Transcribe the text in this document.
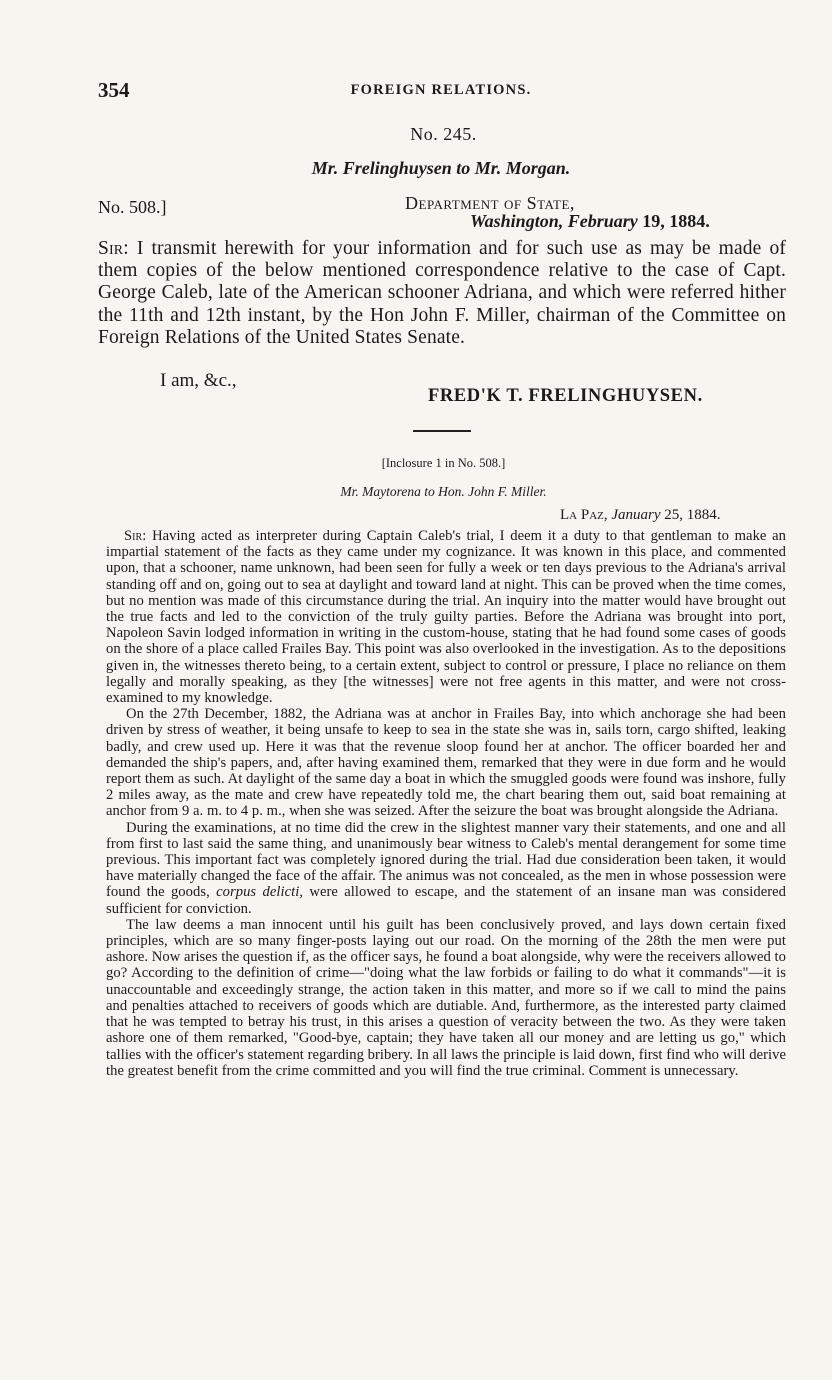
354	FOREIGN RELATIONS.
No. 245.
Mr. Frelinghuysen to Mr. Morgan.
No. 508.]	Department of State,
Washington, February 19, 1884.
Sir: I transmit herewith for your information and for such use as may be made of them copies of the below mentioned correspondence relative to the case of Capt. George Caleb, late of the American schooner Adriana, and which were referred hither the 11th and 12th instant, by the Hon John F. Miller, chairman of the Committee on Foreign Relations of the United States Senate.
I am, &c.,
FRED'K T. FRELINGHUYSEN.
[Inclosure 1 in No. 508.]
Mr. Maytorena to Hon. John F. Miller.
La Paz, January 25, 1884.

Sir: Having acted as interpreter during Captain Caleb's trial, I deem it a duty to that gentleman to make an impartial statement of the facts as they came under my cognizance. It was known in this place, and commented upon, that a schooner, name unknown, had been seen for fully a week or ten days previous to the Adriana's arrival standing off and on, going out to sea at daylight and toward land at night. This can be proved when the time comes, but no mention was made of this circumstance during the trial. An inquiry into the matter would have brought out the true facts and led to the conviction of the truly guilty parties. Before the Adriana was brought into port, Napoleon Savin lodged information in writing in the custom-house, stating that he had found some cases of goods on the shore of a place called Frailes Bay. This point was also overlooked in the investigation. As to the depositions given in, the witnesses thereto being, to a certain extent, subject to control or pressure, I place no reliance on them legally and morally speaking, as they [the witnesses] were not free agents in this matter, and were not cross-examined to my knowledge.

On the 27th December, 1882, the Adriana was at anchor in Frailes Bay, into which anchorage she had been driven by stress of weather, it being unsafe to keep to sea in the state she was in, sails torn, cargo shifted, leaking badly, and crew used up. Here it was that the revenue sloop found her at anchor. The officer boarded her and demanded the ship's papers, and, after having examined them, remarked that they were in due form and he would report them as such. At daylight of the same day a boat in which the smuggled goods were found was inshore, fully 2 miles away, as the mate and crew have repeatedly told me, the chart bearing them out, said boat remaining at anchor from 9 a. m. to 4 p. m., when she was seized. After the seizure the boat was brought alongside the Adriana.

During the examinations, at no time did the crew in the slightest manner vary their statements, and one and all from first to last said the same thing, and unanimously bear witness to Caleb's mental derangement for some time previous. This important fact was completely ignored during the trial. Had due consideration been taken, it would have materially changed the face of the affair. The animus was not concealed, as the men in whose possession were found the goods, corpus delicti, were allowed to escape, and the statement of an insane man was considered sufficient for conviction.

The law deems a man innocent until his guilt has been conclusively proved, and lays down certain fixed principles, which are so many finger-posts laying out our road. On the morning of the 28th the men were put ashore. Now arises the question if, as the officer says, he found a boat alongside, why were the receivers allowed to go? According to the definition of crime—"doing what the law forbids or failing to do what it commands"—it is unaccountable and exceedingly strange, the action taken in this matter, and more so if we call to mind the pains and penalties attached to receivers of goods which are dutiable. And, furthermore, as the interested party claimed that he was tempted to betray his trust, in this arises a question of veracity between the two. As they were taken ashore one of them remarked, "Good-bye, captain; they have taken all our money and are letting us go," which tallies with the officer's statement regarding bribery. In all laws the principle is laid down, first find who will derive the greatest benefit from the crime committed and you will find the true criminal. Comment is unnecessary.
